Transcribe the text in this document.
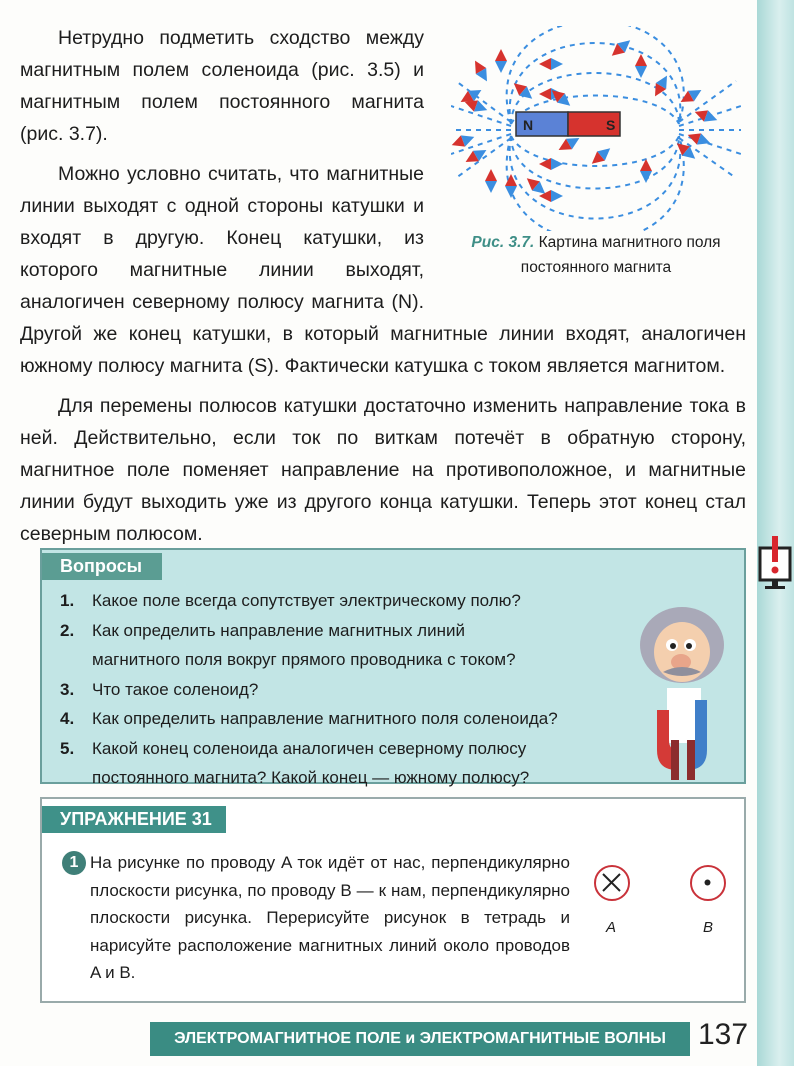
N	S
Рис. 3.7. Картина магнитного поля постоянного магнита

Нетрудно подметить сходство между магнитным полем соленоида (рис. 3.5) и магнитным полем постоянного магнита (рис. 3.7).

Можно условно считать, что магнитные линии выходят с одной стороны катушки и входят в другую. Конец катушки, из которого магнитные линии выходят, аналогичен северному полюсу магнита (N). Другой же конец катушки, в который магнитные линии входят, аналогичен южному полюсу магнита (S). Фактически катушка с током является магнитом.

Для перемены полюсов катушки достаточно изменить направление тока в ней. Действительно, если ток по виткам потечёт в обратную сторону, магнитное поле поменяет направление на противоположное, и магнитные линии будут выходить уже из другого конца катушки. Теперь этот конец стал северным полюсом.

Вопросы
1.	Какое поле всегда сопутствует электрическому полю?
2.	Как определить направление магнитных линий магнитного поля вокруг прямого проводника с током?
3.	Что такое соленоид?
4.	Как определить направление магнитного поля соленоида?
5.	Какой конец соленоида аналогичен северному полюсу постоянного магнита? Какой конец — южному полюсу?
УПРАЖНЕНИЕ 31
1 На рисунке по проводу A ток идёт от нас, перпендикулярно плоскости рисунка, по проводу B — к нам, перпендикулярно плоскости рисунка. Перерисуйте рисунок в тетрадь и нарисуйте расположение магнитных линий около проводов A и B.
A	B
ЭЛЕКТРОМАГНИТНОЕ ПОЛЕ и ЭЛЕКТРОМАГНИТНЫЕ ВОЛНЫ	137
